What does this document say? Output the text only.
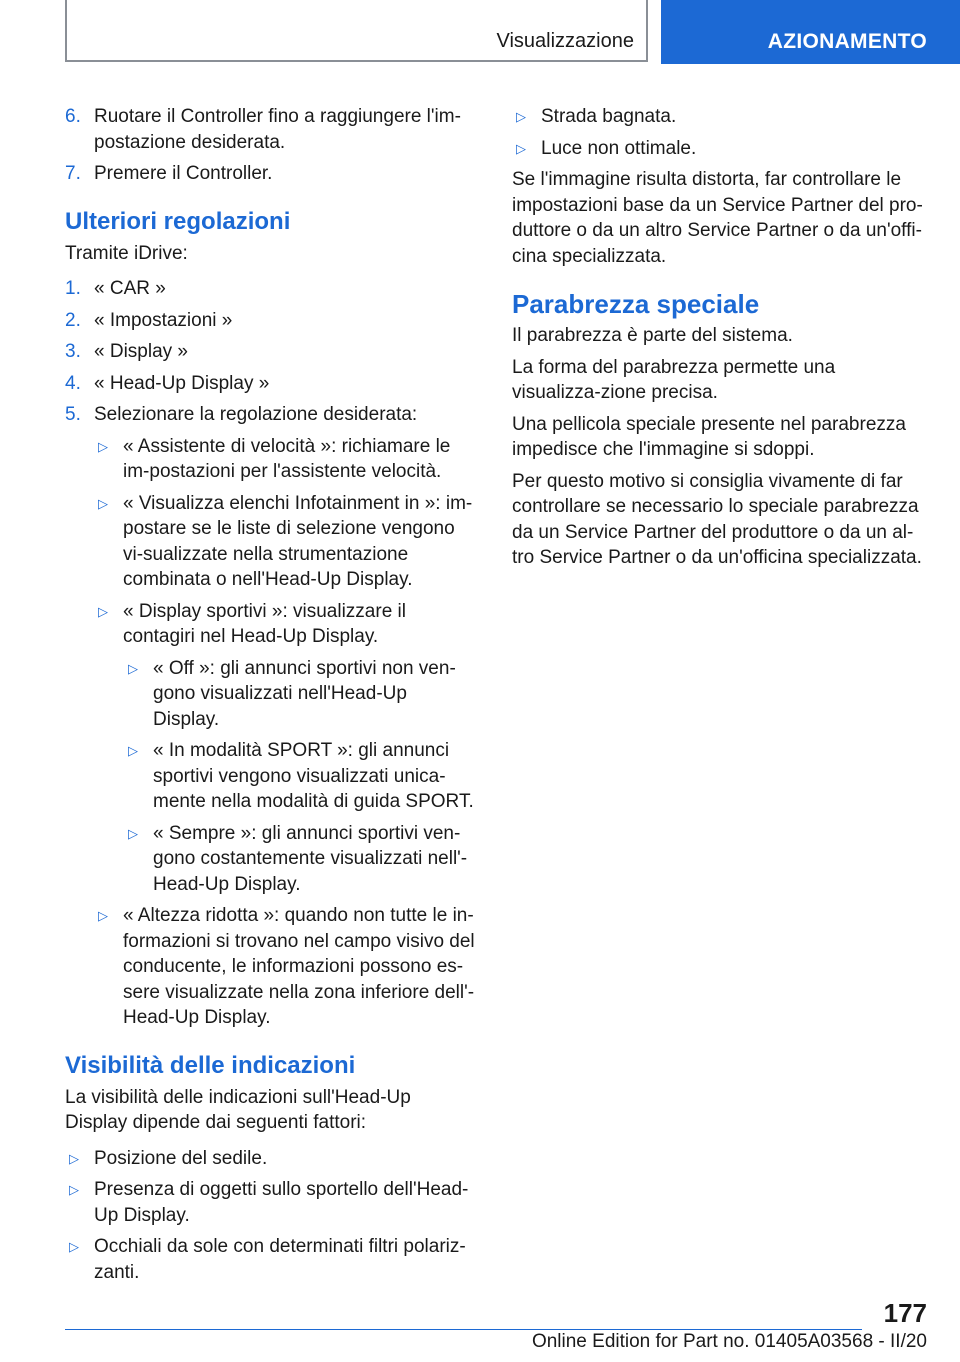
Visualizzazione	AZIONAMENTO
6. Ruotare il Controller fino a raggiungere l'im-postazione desiderata.
7. Premere il Controller.
Ulteriori regolazioni

Tramite iDrive:

1. « CAR »
2. « Impostazioni »
3. « Display »
4. « Head-Up Display »
5. Selezionare la regolazione desiderata:
▷ « Assistente di velocità »: richiamare le im-postazioni per l'assistente velocità.
▷ « Visualizza elenchi Infotainment in »: im-postare se le liste di selezione vengono vi-sualizzate nella strumentazione combinata o nell'Head-Up Display.
▷ « Display sportivi »: visualizzare il contagiri nel Head-Up Display.
▷ « Off »: gli annunci sportivi non ven-gono visualizzati nell'Head-Up Display.
▷ « In modalità SPORT »: gli annunci sportivi vengono visualizzati unica-mente nella modalità di guida SPORT.
▷ « Sempre »: gli annunci sportivi ven-gono costantemente visualizzati nell'-Head-Up Display.
▷ « Altezza ridotta »: quando non tutte le in-formazioni si trovano nel campo visivo del conducente, le informazioni possono es-sere visualizzate nella zona inferiore dell'-Head-Up Display.
Visibilità delle indicazioni

La visibilità delle indicazioni sull'Head-Up Display dipende dai seguenti fattori:

▷ Posizione del sedile.
▷ Presenza di oggetti sullo sportello dell'Head-Up Display.
▷ Occhiali da sole con determinati filtri polariz-zanti.
▷ Strada bagnata.
▷ Luce non ottimale.

Se l'immagine risulta distorta, far controllare le impostazioni base da un Service Partner del pro-duttore o da un altro Service Partner o da un'offi-cina specializzata.

Parabrezza speciale

Il parabrezza è parte del sistema.

La forma del parabrezza permette una visualizza-zione precisa.

Una pellicola speciale presente nel parabrezza impedisce che l'immagine si sdoppi.

Per questo motivo si consiglia vivamente di far controllare se necessario lo speciale parabrezza da un Service Partner del produttore o da un al-tro Service Partner o da un'officina specializzata.

177
Online Edition for Part no. 01405A03568 - II/20
